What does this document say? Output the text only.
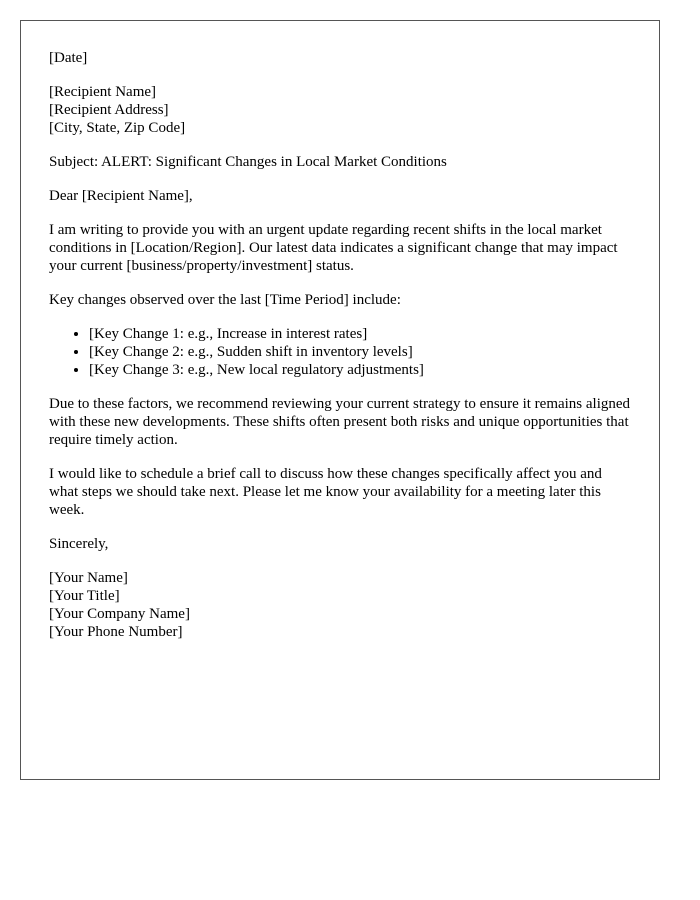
[Date]
[Recipient Name]
[Recipient Address]
[City, State, Zip Code]
Subject: ALERT: Significant Changes in Local Market Conditions
Dear [Recipient Name],
I am writing to provide you with an urgent update regarding recent shifts in the local market conditions in [Location/Region]. Our latest data indicates a significant change that may impact your current [business/property/investment] status.
Key changes observed over the last [Time Period] include:
• [Key Change 1: e.g., Increase in interest rates]
• [Key Change 2: e.g., Sudden shift in inventory levels]
• [Key Change 3: e.g., New local regulatory adjustments]
Due to these factors, we recommend reviewing your current strategy to ensure it remains aligned with these new developments. These shifts often present both risks and unique opportunities that require timely action.
I would like to schedule a brief call to discuss how these changes specifically affect you and what steps we should take next. Please let me know your availability for a meeting later this week.
Sincerely,
[Your Name]
[Your Title]
[Your Company Name]
[Your Phone Number]
